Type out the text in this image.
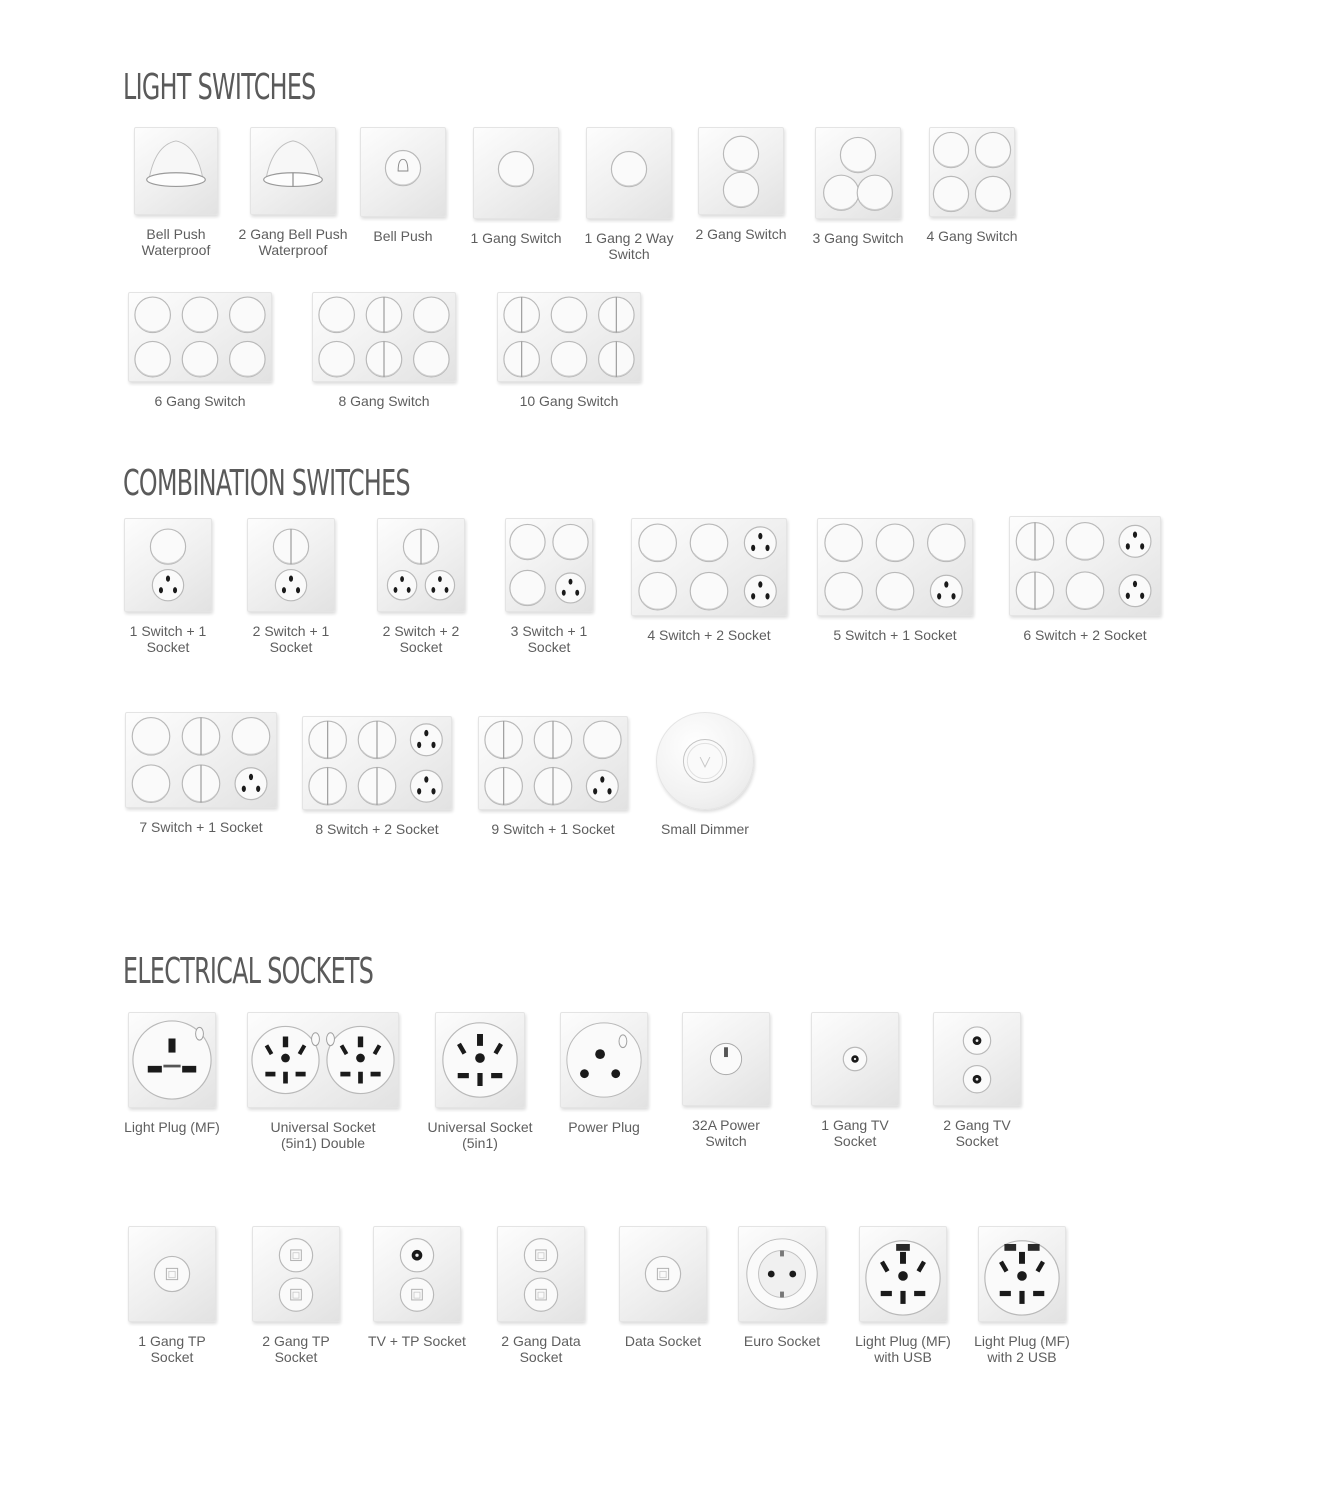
LIGHT SWITCHES
COMBINATION SWITCHES
ELECTRICAL SOCKETS
Bell Push
Waterproof
2 Gang Bell Push
Waterproof
Bell Push	1 Gang Switch	1 Gang 2 Way
Switch
2 Gang Switch	3 Gang Switch	4 Gang Switch
6 Gang Switch	8 Gang Switch	10 Gang Switch
1 Switch + 1
Socket
2 Switch + 1
Socket
2 Switch + 2
Socket
3 Switch + 1
Socket
4 Switch + 2 Socket	5 Switch + 1 Socket	6 Switch + 2 Socket
7 Switch + 1 Socket	8 Switch + 2 Socket	9 Switch + 1 Socket	Small Dimmer
Light Plug (MF)	Universal Socket
(5in1) Double
Universal Socket
(5in1)
Power Plug	32A Power
Switch
1 Gang TV
Socket
2 Gang TV
Socket
1 Gang TP
Socket
2 Gang TP
Socket
TV + TP Socket	2 Gang Data
Socket
Data Socket	Euro Socket	Light Plug (MF)
with USB
Light Plug (MF)
with 2 USB
